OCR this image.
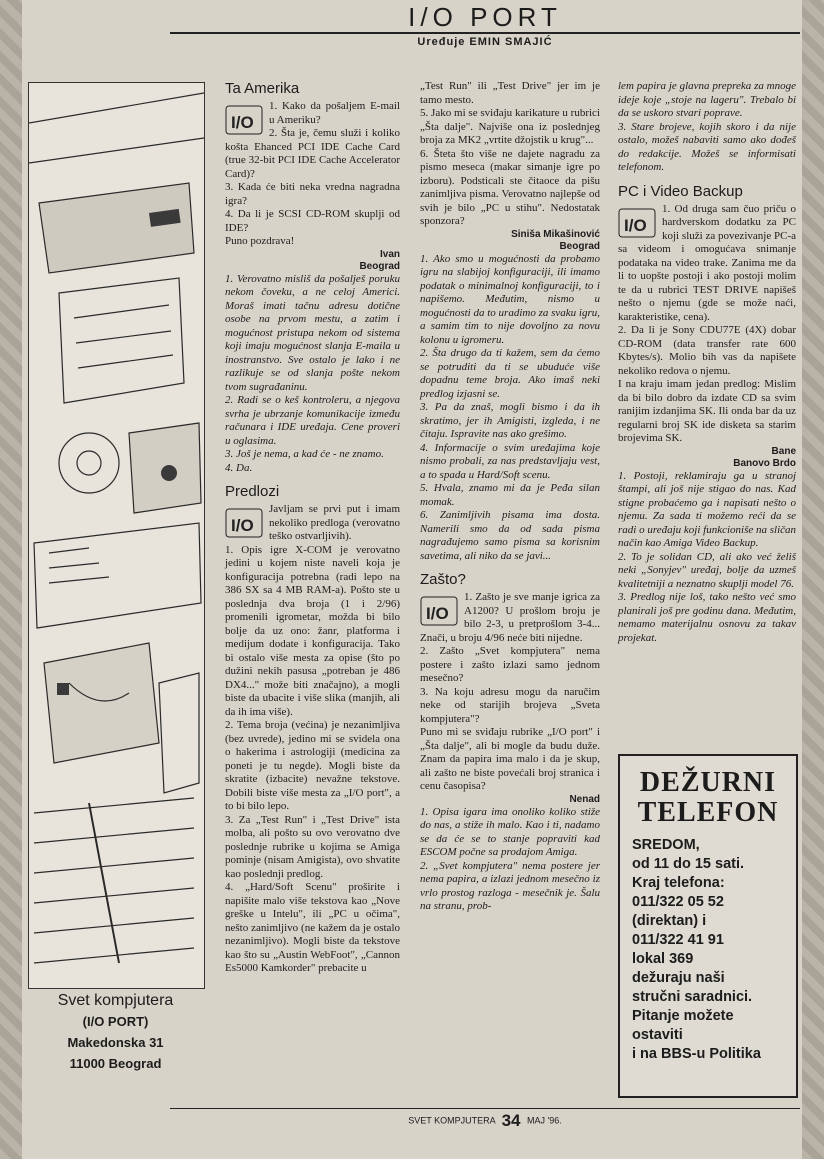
I/O PORT
Uređuje EMIN SMAJIĆ
Svet kompjutera
(I/O PORT)
Makedonska 31
11000 Beograd
Ta Amerika
I/O

1. Kako da pošaljem E-mail u Ameriku?

2. Šta je, čemu služi i koliko košta Ehanced PCI IDE Cache Card (true 32-bit PCI IDE Cache Accelerator Card)?

3. Kada će biti neka vredna nagradna igra?

4. Da li je SCSI CD-ROM skuplji od IDE?

Puno pozdrava!

Ivan
Beograd

1. Verovatno misliš da pošalješ poruku nekom čoveku, a ne celoj Americi. Moraš imati tačnu adresu dotične osobe na prvom mestu, a zatim i mogućnost pristupa nekom od sistema koji imaju mogućnost slanja E-maila u inostranstvo. Sve ostalo je lako i ne razlikuje se od slanja pošte nekom tvom sugrađaninu.

2. Radi se o keš kontroleru, a njegova svrha je ubrzanje komunikacije između računara i IDE uređaja. Cene proveri u oglasima.

3. Još je nema, a kad će - ne znamo.

4. Da.

Predlozi
I/O

Javljam se prvi put i imam nekoliko predloga (verovatno teško ostvarljivih).

1. Opis igre X-COM je verovatno jedini u kojem niste naveli koja je konfiguracija potrebna (radi lepo na 386 SX sa 4 MB RAM-a). Pošto ste u poslednja dva broja (1 i 2/96) promenili igrometar, možda bi bilo bolje da uz ono: žanr, platforma i medijum dodate i konfiguracija. Tako bi ostalo više mesta za opise (što po dužini nekih pasusa „potreban je 486 DX4..." može biti značajno), a mogli biste da ubacite i više slika (manjih, ali da ih ima više).

2. Tema broja (većina) je nezanimljiva (bez uvrede), jedino mi se svidela ona o hakerima i astrologiji (medicina za poneti je tu negde). Mogli biste da skratite (izbacite) nevažne tekstove. Dobili biste više mesta za „I/O port", a to bi bilo lepo.

3. Za „Test Run" i „Test Drive" ista molba, ali pošto su ovo verovatno dve poslednje rubrike u kojima se Amiga pominje (nisam Amigista), ovo shvatite kao poslednji predlog.

4. „Hard/Soft Scenu" proširite i napišite malo više tekstova kao „Nove greške u Intelu", ili „PC u očima", nešto zanimljivo (ne kažem da je ostalo nezanimljivo). Mogli biste da tekstove kao što su „Austin WebFoot", „Cannon Es5000 Kamkorder" prebacite u

„Test Run" ili „Test Drive" jer im je tamo mesto.

5. Jako mi se sviđaju karikature u rubrici „Šta dalje". Najviše ona iz poslednjeg broja za MK2 „vrtite džojstik u krug"...

6. Šteta što više ne dajete nagradu za pismo meseca (makar simanje igre po izboru). Podsticali ste čitaoce da pišu zanimljiva pisma. Verovatno najlepše od svih je bilo „PC u stihu". Nedostatak sponzora?

Siniša Mikašinović
Beograd

1. Ako smo u mogućnosti da probamo igru na slabijoj konfiguraciji, ili imamo podatak o minimalnoj konfiguraciji, to i napišemo. Međutim, nismo u mogućnosti da to uradimo za svaku igru, a samim tim to nije dovoljno za novu kolonu u igromeru.

2. Šta drugo da ti kažem, sem da ćemo se potruditi da ti se ubuduće više dopadnu teme broja. Ako imaš neki predlog izjasni se.

3. Pa da znaš, mogli bismo i da ih skratimo, jer ih Amigisti, izgleda, i ne čitaju. Ispravite nas ako grešimo.

4. Informacije o svim uređajima koje nismo probali, za nas predstavljaju vest, a to spada u Hard/Soft scenu.

5. Hvala, znamo mi da je Peđa silan momak.

6. Zanimljivih pisama ima dosta. Namerili smo da od sada pisma nagrađujemo samo pisma sa korisnim savetima, ali niko da se javi...

Zašto?
I/O

1. Zašto je sve manje igrica za A1200? U prošlom broju je bilo 2-3, u pretprošlom 3-4... Znači, u broju 4/96 neće biti nijedne.

2. Zašto „Svet kompjutera" nema postere i zašto izlazi samo jednom mesečno?

3. Na koju adresu mogu da naručim neke od starijih brojeva „Sveta kompjutera"?

Puno mi se sviđaju rubrike „I/O port" i „Šta dalje", ali bi mogle da budu duže. Znam da papira ima malo i da je skup, ali zašto ne biste povećali broj stranica i cenu časopisa?

Nenad

1. Opisa igara ima onoliko koliko stiže do nas, a stiže ih malo. Kao i ti, nadamo se da će se to stanje popraviti kad ESCOM počne sa prodajom Amiga.

2. „Svet kompjutera" nema postere jer nema papira, a izlazi jednom mesečno iz vrlo prostog razloga - mesečnik je. Šalu na stranu, prob-

lem papira je glavna prepreka za mnoge ideje koje „stoje na lageru". Trebalo bi da se uskoro stvari poprave.

3. Stare brojeve, kojih skoro i da nije ostalo, možeš nabaviti samo ako dođeš do redakcije. Možeš se informisati telefonom.

PC i Video Backup
I/O

1. Od druga sam čuo priču o hardverskom dodatku za PC koji služi za povezivanje PC-a sa videom i omogućava snimanje podataka na video trake. Zanima me da li to uopšte postoji i ako postoji molim te da u rubrici TEST DRIVE napišeš nešto o njemu (gde se može naći, karakteristike, cena).

2. Da li je Sony CDU77E (4X) dobar CD-ROM (data transfer rate 600 Kbytes/s). Molio bih vas da napišete nekoliko redova o njemu.

I na kraju imam jedan predlog: Mislim da bi bilo dobro da izdate CD sa svim ranijim izdanjima SK. Ili onda bar da uz regularni broj SK ide disketa sa starim brojevima SK.

Bane
Banovo Brdo

1. Postoji, reklamiraju ga u stranoj štampi, ali još nije stigao do nas. Kad stigne probaćemo ga i napisati nešto o njemu. Za sada ti možemo reći da se radi o uređaju koji funkcioniše na sličan način kao Amiga Video Backup.

2. To je solidan CD, ali ako već želiš neki „Sonyjev" uređaj, bolje da uzmeš kvalitetniji a neznatno skuplji model 76.

3. Predlog nije loš, tako nešto već smo planirali još pre godinu dana. Međutim, nemamo materijalnu osnovu za takav projekat.

DEŽURNI
TELEFON
SREDOM,
od 11 do 15 sati.
Kraj telefona:
011/322 05 52
(direktan) i
011/322 41 91
lokal 369
dežuraju naši
stručni saradnici.
Pitanje možete
ostaviti
i na BBS-u Politika
SVET KOMPJUTERA 34 MAJ '96.
